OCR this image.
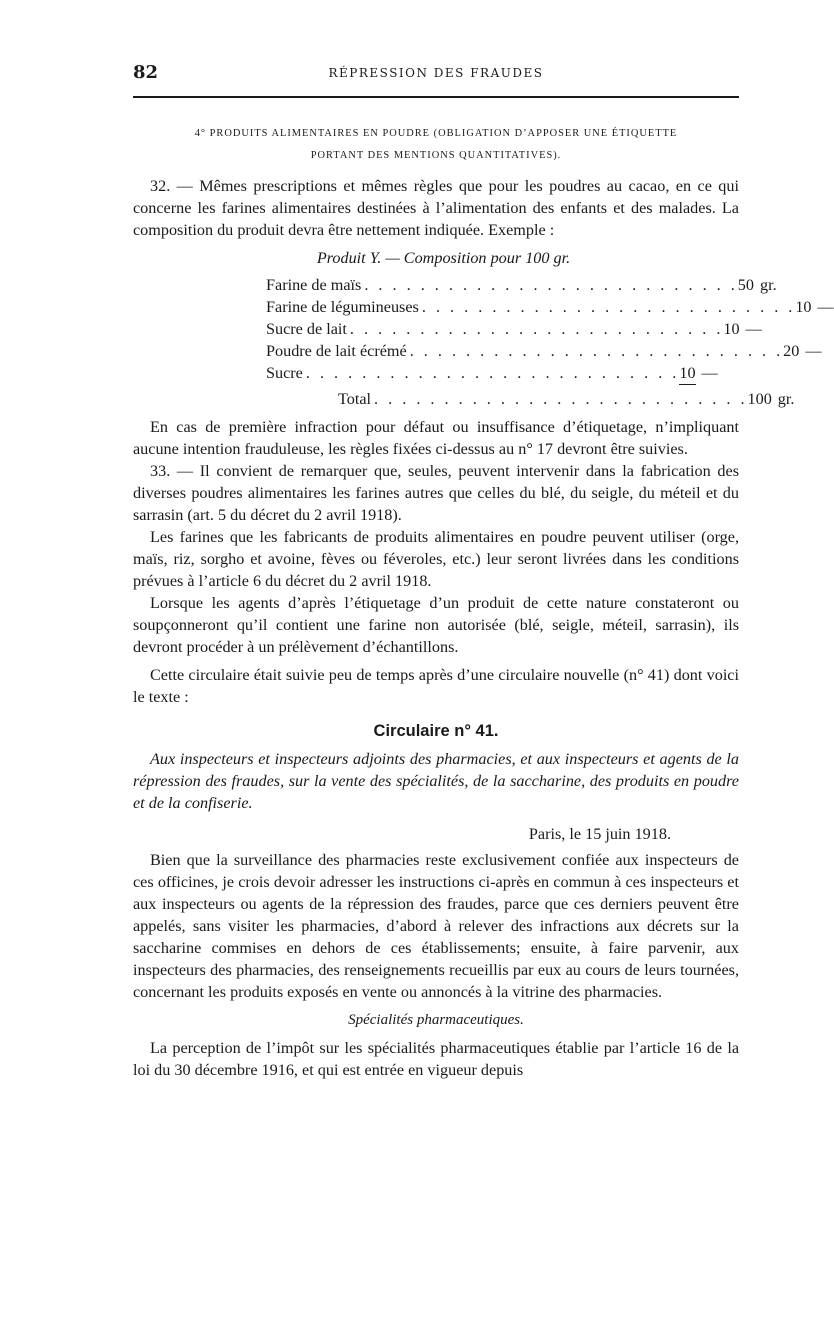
82	RÉPRESSION DES FRAUDES
4° PRODUITS ALIMENTAIRES EN POUDRE (OBLIGATION D’APPOSER UNE ÉTIQUETTE
PORTANT DES MENTIONS QUANTITATIVES).

32. — Mêmes prescriptions et mêmes règles que pour les poudres au cacao, en ce qui concerne les farines alimentaires destinées à l’alimentation des enfants et des malades. La composition du produit devra être nettement indiquée. Exemple :

Produit Y. — Composition pour 100 gr.
Farine de maïs . . . . . . . . . . . . . . . . . . . . . . . . . . . 50 gr.
Farine de légumineuses . . . . . . . . . . . . . . . . . . . . . . . . . . . 10 —
Sucre de lait . . . . . . . . . . . . . . . . . . . . . . . . . . . 10 —
Poudre de lait écrémé . . . . . . . . . . . . . . . . . . . . . . . . . . . 20 —
Sucre . . . . . . . . . . . . . . . . . . . . . . . . . . . 10 —
Total . . . . . . . . . . . . . . . . . . . . . . . . . . . 100 gr.

En cas de première infraction pour défaut ou insuffisance d’étiquetage, n’impliquant aucune intention frauduleuse, les règles fixées ci-dessus au n° 17 devront être suivies.

33. — Il convient de remarquer que, seules, peuvent intervenir dans la fabrication des diverses poudres alimentaires les farines autres que celles du blé, du seigle, du méteil et du sarrasin (art. 5 du décret du 2 avril 1918).

Les farines que les fabricants de produits alimentaires en poudre peuvent utiliser (orge, maïs, riz, sorgho et avoine, fèves ou féveroles, etc.) leur seront livrées dans les conditions prévues à l’article 6 du décret du 2 avril 1918.

Lorsque les agents d’après l’étiquetage d’un produit de cette nature constateront ou soupçonneront qu’il contient une farine non autorisée (blé, seigle, méteil, sarrasin), ils devront procéder à un prélèvement d’échantillons.

Cette circulaire était suivie peu de temps après d’une circulaire nouvelle (n° 41) dont voici le texte :

Circulaire n° 41.

Aux inspecteurs et inspecteurs adjoints des pharmacies, et aux inspecteurs et agents de la répression des fraudes, sur la vente des spécialités, de la saccharine, des produits en poudre et de la confiserie.

Paris, le 15 juin 1918.

Bien que la surveillance des pharmacies reste exclusivement confiée aux inspecteurs de ces officines, je crois devoir adresser les instructions ci-après en commun à ces inspecteurs et aux inspecteurs ou agents de la répression des fraudes, parce que ces derniers peuvent être appelés, sans visiter les pharmacies, d’abord à relever des infractions aux décrets sur la saccharine commises en dehors de ces établissements; ensuite, à faire parvenir, aux inspecteurs des pharmacies, des renseignements recueillis par eux au cours de leurs tournées, concernant les produits exposés en vente ou annoncés à la vitrine des pharmacies.

Spécialités pharmaceutiques.

La perception de l’impôt sur les spécialités pharmaceutiques établie par l’article 16 de la loi du 30 décembre 1916, et qui est entrée en vigueur depuis
